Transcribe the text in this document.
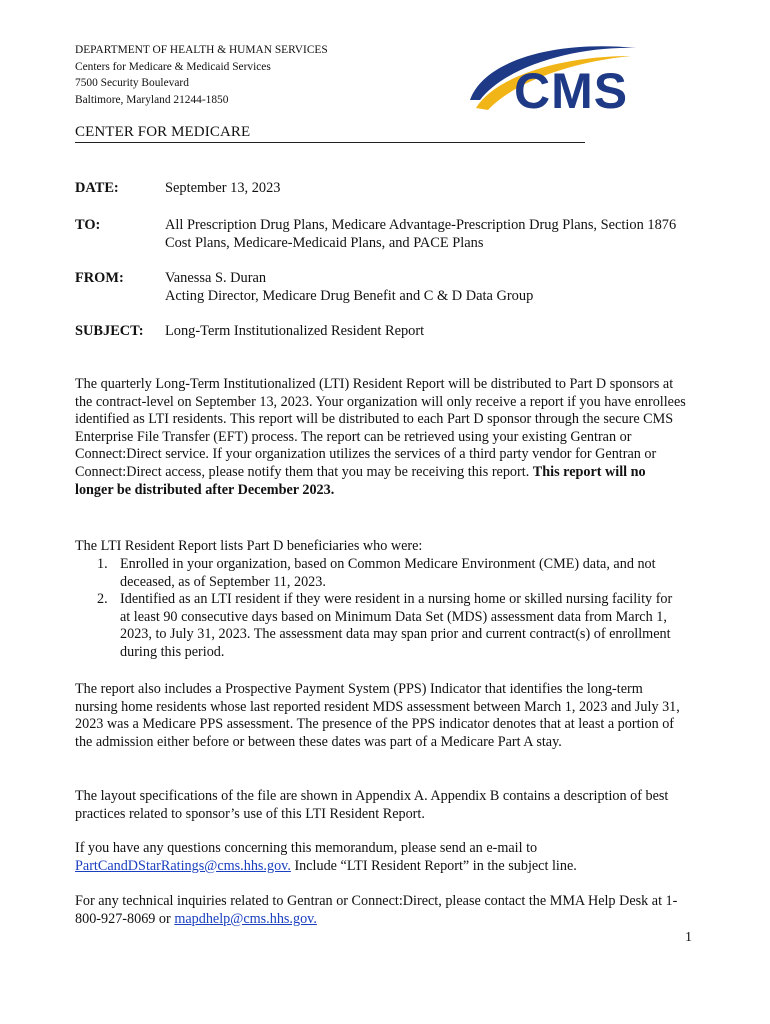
DEPARTMENT OF HEALTH & HUMAN SERVICES
Centers for Medicare & Medicaid Services
7500 Security Boulevard
Baltimore, Maryland 21244-1850	CMS
CENTER FOR MEDICARE
DATE:	September 13, 2023
TO:	All Prescription Drug Plans, Medicare Advantage-Prescription Drug Plans, Section 1876 Cost Plans, Medicare-Medicaid Plans, and PACE Plans
FROM:	Vanessa S. Duran
Acting Director, Medicare Drug Benefit and C & D Data Group
SUBJECT: Long-Term Institutionalized Resident Report

The quarterly Long-Term Institutionalized (LTI) Resident Report will be distributed to Part D sponsors at the contract-level on September 13, 2023. Your organization will only receive a report if you have enrollees identified as LTI residents. This report will be distributed to each Part D sponsor through the secure CMS Enterprise File Transfer (EFT) process. The report can be retrieved using your existing Gentran or Connect:Direct service. If your organization utilizes the services of a third party vendor for Gentran or Connect:Direct access, please notify them that you may be receiving this report. This report will no longer be distributed after December 2023.

The LTI Resident Report lists Part D beneficiaries who were:
1. Enrolled in your organization, based on Common Medicare Environment (CME) data, and not deceased, as of September 11, 2023.
2. Identified as an LTI resident if they were resident in a nursing home or skilled nursing facility for at least 90 consecutive days based on Minimum Data Set (MDS) assessment data from March 1, 2023, to July 31, 2023. The assessment data may span prior and current contract(s) of enrollment during this period.
The report also includes a Prospective Payment System (PPS) Indicator that identifies the long-term nursing home residents whose last reported resident MDS assessment between March 1, 2023 and July 31, 2023 was a Medicare PPS assessment. The presence of the PPS indicator denotes that at least a portion of the admission either before or between these dates was part of a Medicare Part A stay.
The layout specifications of the file are shown in Appendix A. Appendix B contains a description of best practices related to sponsor’s use of this LTI Resident Report.

If you have any questions concerning this memorandum, please send an e-mail to PartCandDStarRatings@cms.hhs.gov. Include “LTI Resident Report” in the subject line.

For any technical inquiries related to Gentran or Connect:Direct, please contact the MMA Help Desk at 1-800-927-8069 or mapdhelp@cms.hhs.gov.

1
